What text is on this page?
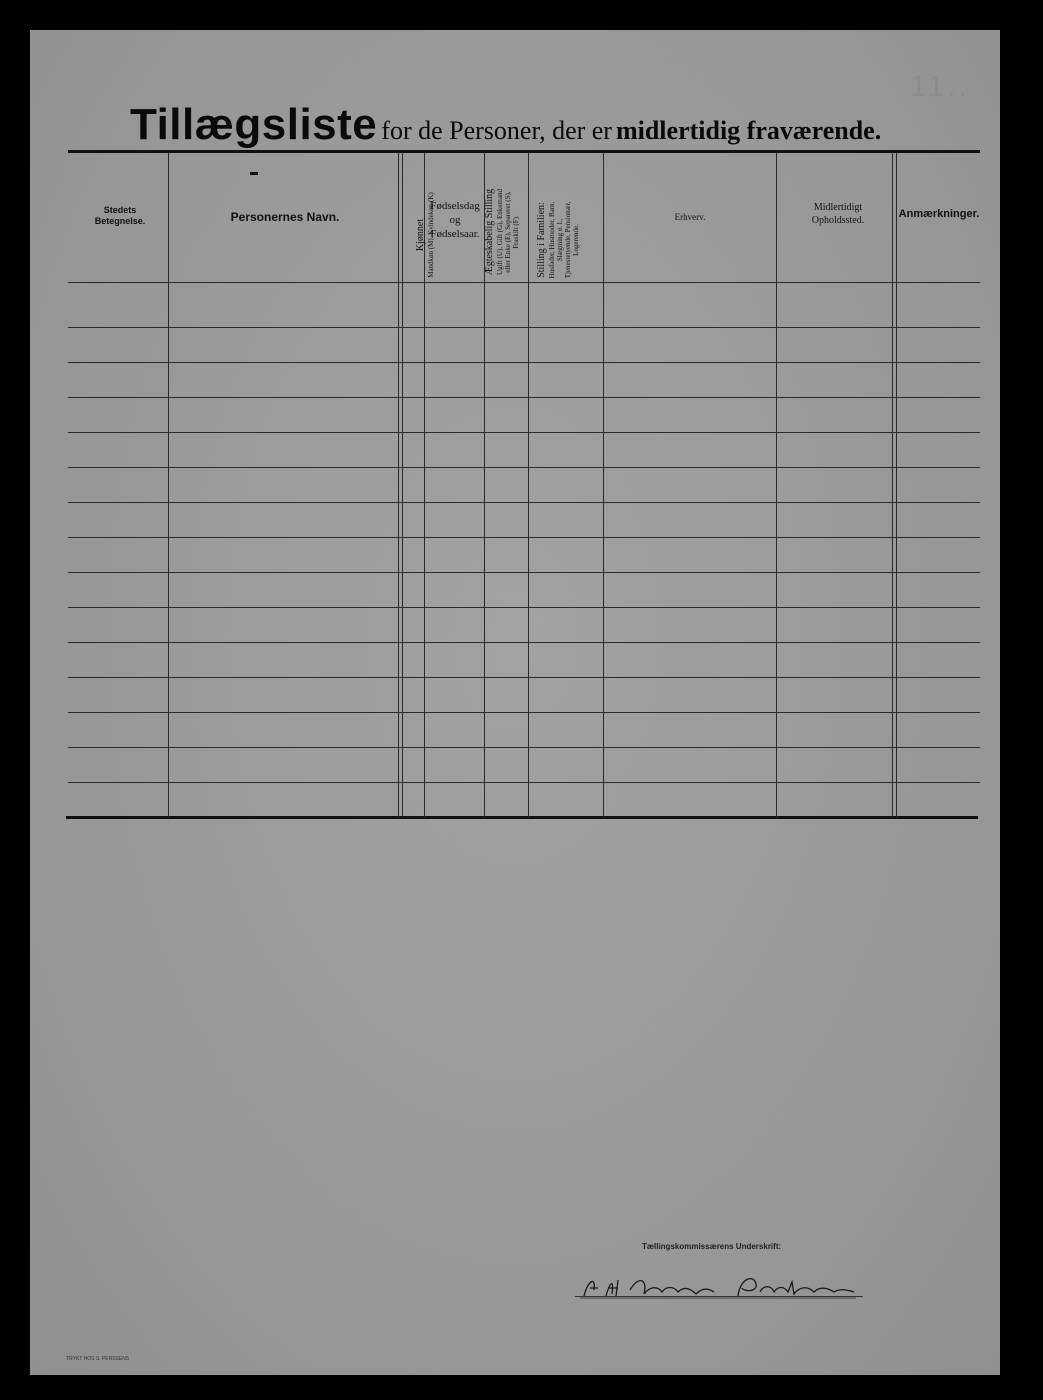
11..
Tillægsliste for de Personer, der er midlertidig fraværende.
Stedets Betegnelse.	Personernes Navn.
Kjønnet Mandkøn (M). Kvindekøn (K)
Fødselsdag og Fødselsaar. Ægteskabelig Stilling Ugift (U), Gift (G), Enkemand eller Enke (E), Separeret (S), Fraskilt (F). Stilling i Familien: Husfader, Husmoder, Barn, Slægtning o. l., Tjenestetyende, Pensionær, Logerende.
Erhverv.
Midlertidigt Opholdssted.	Anmærkninger.
Tællingskommissærens Underskrift:
TRYKT HOS S. PERSSENS
